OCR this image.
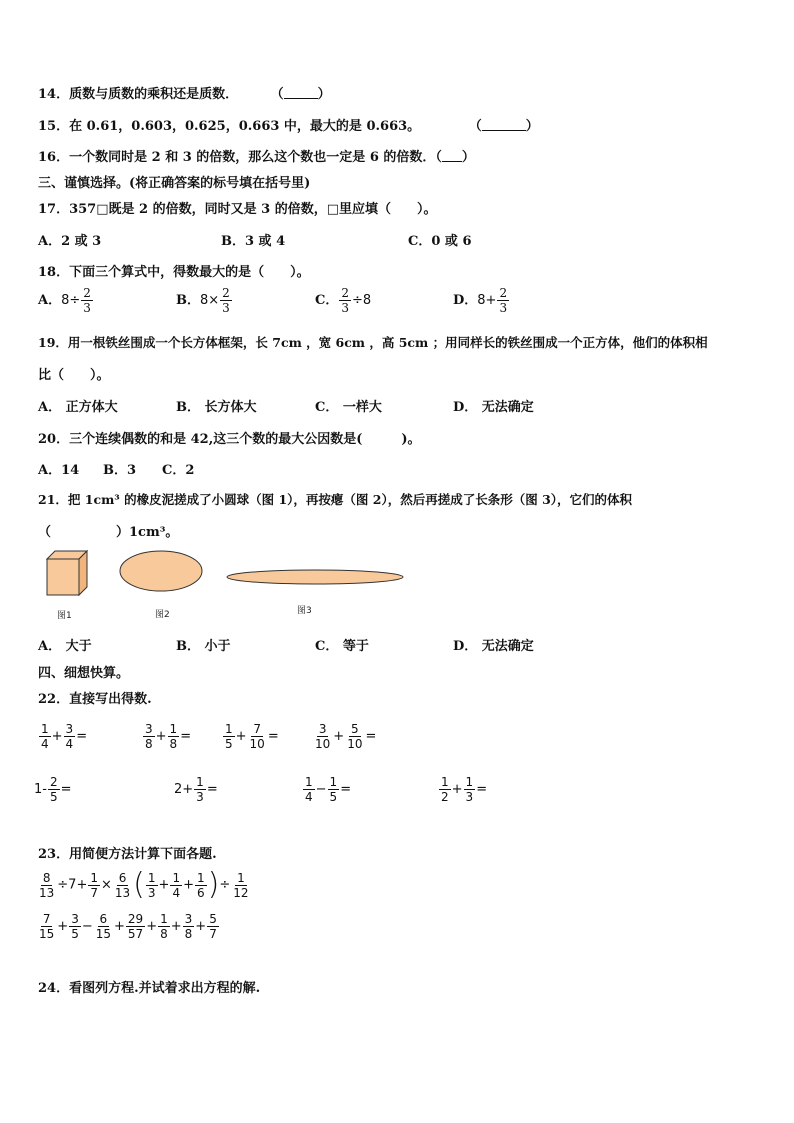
14．质数与质数的乘积还是质数．	（	）
15．在 0.61，0.603，0.625，0.663 中，最大的是 0.663。	（	）
16．一个数同时是 2 和 3 的倍数，那么这个数也一定是 6 的倍数．（ ）
三、谨慎选择。(将正确答案的标号填在括号里)
17．357□既是 2 的倍数，同时又是 3 的倍数，□里应填（　　）。
A．2 或 3	B．3 或 4	C．0 或 6
18．下面三个算式中，得数最大的是（　　）。
A．$8\div \frac{2}{3}$	B．$8\times \frac{2}{3}$	C． $\frac{2}{3} \div 8$	D．$8+ \frac{2}{3}$
19．用一根铁丝围成一个长方体框架，长 7cm ，宽 6cm ，高 5cm ；用同样长的铁丝围成一个正方体，他们的体积相
比（　　）。
A． 正方体大	B． 长方体大	C． 一样大	D． 无法确定
20．三个连续偶数的和是 42,这三个数的最大公因数是(　　　)。
A．14 B．3 C．2
21．把 1cm³ 的橡皮泥搓成了小圆球（图 1），再按瘪（图 2），然后再搓成了长条形（图 3），它们的体积
（　　　　　）1cm³。
图1	图2	图3
A． 大于	B． 小于	C． 等于	D． 无法确定
四、细想快算。
22．直接写出得数.
$\frac{1}{4} + \frac{3}{4}$ =	$\frac{3}{8} + \frac{1}{8}$ =	$\frac{1}{5} + \frac{7}{10}$ =	$\frac{3}{10} + \frac{5}{10}$ =
$1- \frac{2}{5}$ =	$2+ \frac{1}{3}$ =	$\frac{1}{4} - \frac{1}{5}$ =	$\frac{1}{2} + \frac{1}{3}$ =
23．用简便方法计算下面各题.
$\frac{8}{13} \div 7+ \frac{1}{7} \times \frac{6}{13}$ ( $\frac{1}{3} + \frac{1}{4} + \frac{1}{6}$ )÷ $\frac{1}{12}$
$\frac{7}{15} + \frac{3}{5} - \frac{6}{15} + \frac{29}{57} + \frac{1}{8} + \frac{3}{8} + \frac{5}{7}$
24．看图列方程.并试着求出方程的解.
